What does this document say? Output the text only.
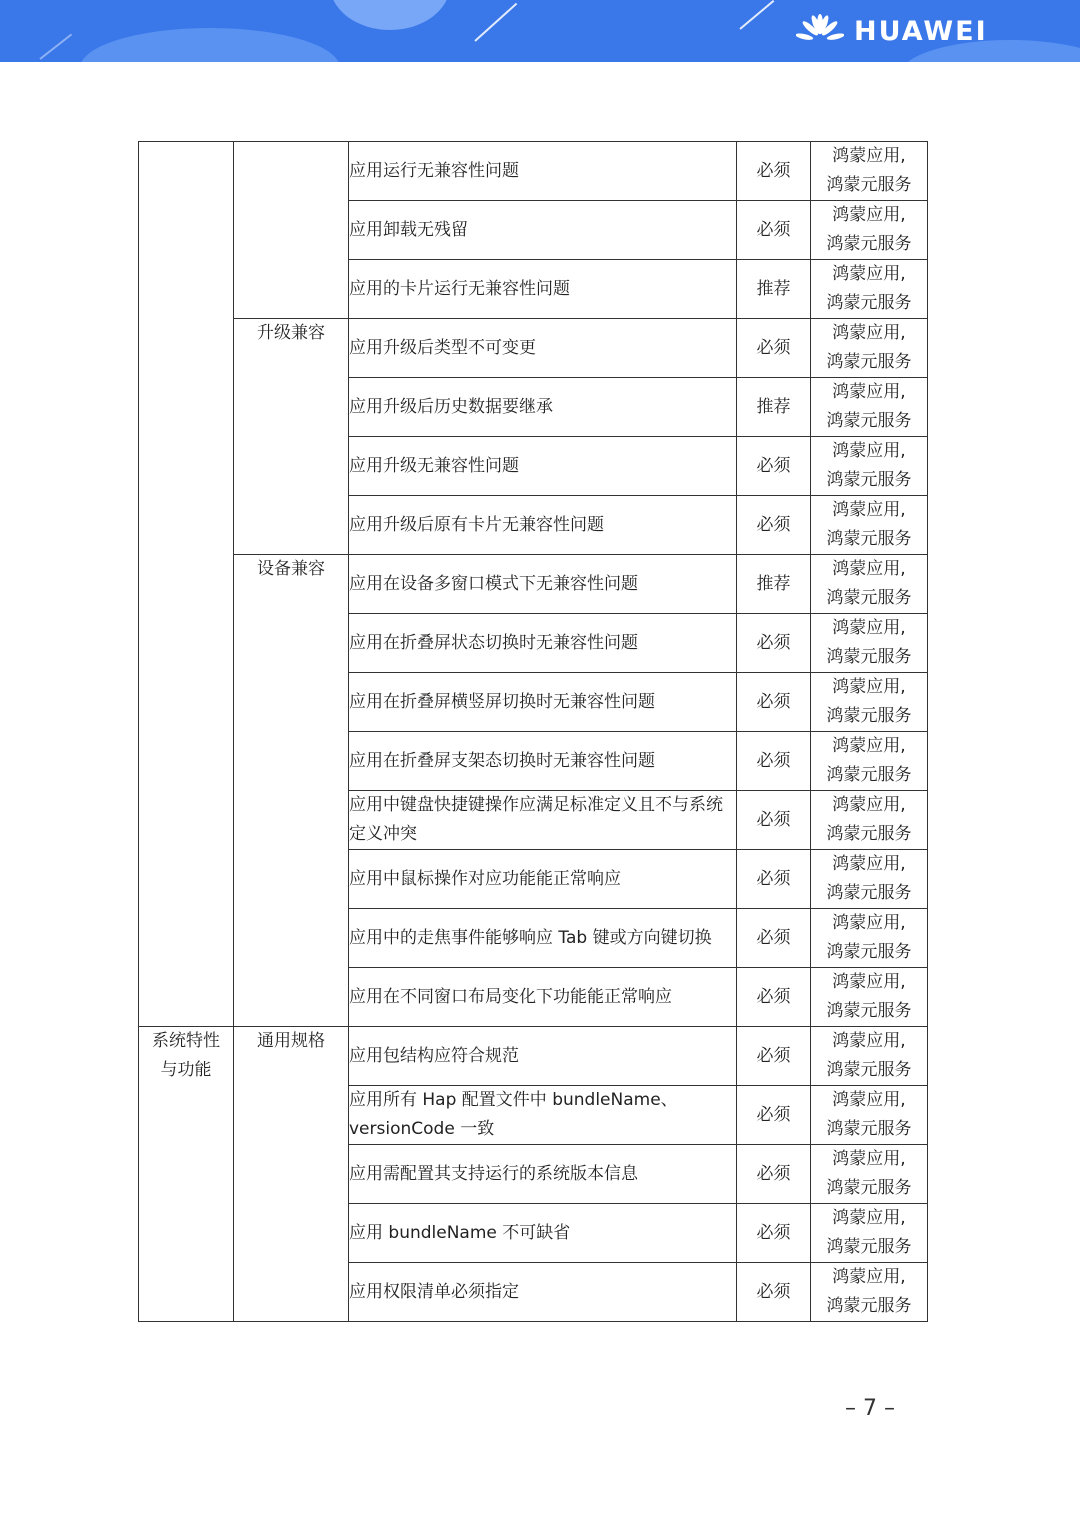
HUAWEI
		应用运行无兼容性问题	必须	鸿蒙应用,
鸿蒙元服务
		应用卸载无残留	必须	鸿蒙应用,
鸿蒙元服务
		应用的卡片运行无兼容性问题	推荐	鸿蒙应用,
鸿蒙元服务
	升级兼容	应用升级后类型不可变更	必须	鸿蒙应用,
鸿蒙元服务
		应用升级后历史数据要继承	推荐	鸿蒙应用,
鸿蒙元服务
		应用升级无兼容性问题	必须	鸿蒙应用,
鸿蒙元服务
		应用升级后原有卡片无兼容性问题	必须	鸿蒙应用,
鸿蒙元服务
	设备兼容	应用在设备多窗口模式下无兼容性问题	推荐	鸿蒙应用,
鸿蒙元服务
		应用在折叠屏状态切换时无兼容性问题	必须	鸿蒙应用,
鸿蒙元服务
		应用在折叠屏横竖屏切换时无兼容性问题	必须	鸿蒙应用,
鸿蒙元服务
		应用在折叠屏支架态切换时无兼容性问题	必须	鸿蒙应用,
鸿蒙元服务
		应用中键盘快捷键操作应满足标准定义且不与系统定义冲突	必须	鸿蒙应用,
鸿蒙元服务
		应用中鼠标操作对应功能能正常响应	必须	鸿蒙应用,
鸿蒙元服务
		应用中的走焦事件能够响应 Tab 键或方向键切换	必须	鸿蒙应用,
鸿蒙元服务
		应用在不同窗口布局变化下功能能正常响应	必须	鸿蒙应用,
鸿蒙元服务

系统特性与功能	通用规格	应用包结构应符合规范	必须	鸿蒙应用,
鸿蒙元服务
		应用所有 Hap 配置文件中 bundleName、versionCode 一致	必须	鸿蒙应用,
鸿蒙元服务
		应用需配置其支持运行的系统版本信息	必须	鸿蒙应用,
鸿蒙元服务
		应用 bundleName 不可缺省	必须	鸿蒙应用,
鸿蒙元服务
		应用权限清单必须指定	必须	鸿蒙应用,
鸿蒙元服务
– 7 –
